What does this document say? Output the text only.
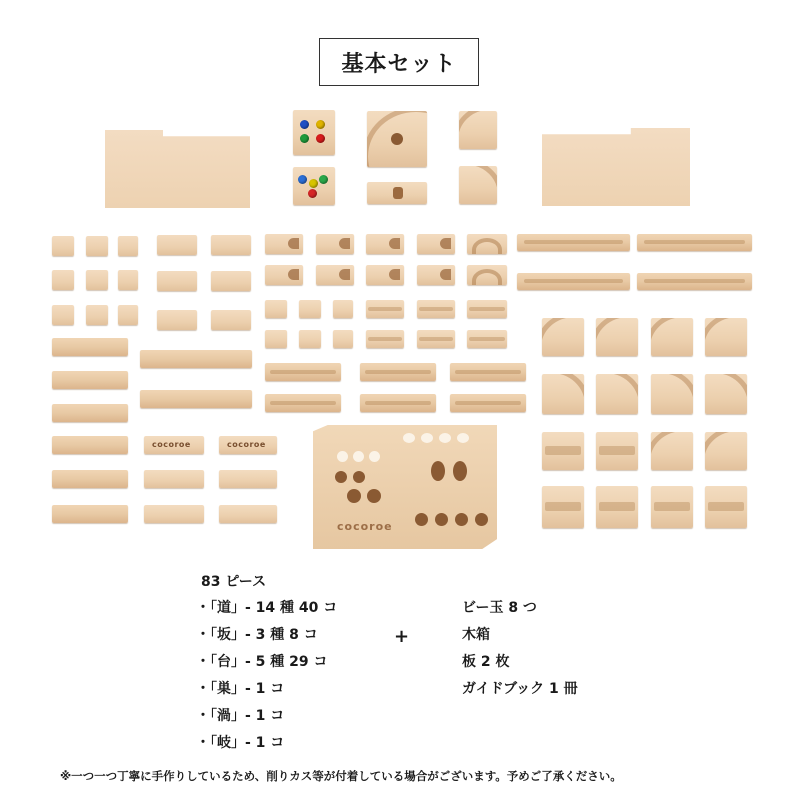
基本セット
cocoroe	cocoroe
cocoroe
83 ピース
・「道」- 14 種 40 コ
・「坂」- 3 種 8 コ
・「台」- 5 種 29 コ
・「巣」- 1 コ
・「渦」- 1 コ
・「岐」- 1 コ
+
ビー玉 8 つ
木箱
板 2 枚
ガイドブック 1 冊
※一つ一つ丁寧に手作りしているため、削りカス等が付着している場合がございます。予めご了承ください。
